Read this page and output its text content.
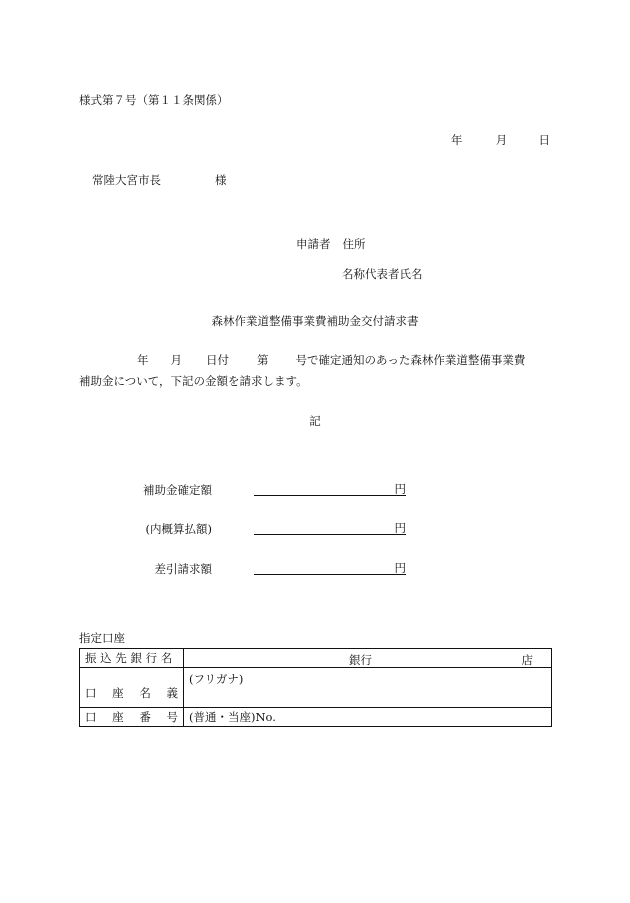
様式第７号（第１１条関係）
年	月	日
常陸大宮市長	様
申請者 住所
名称代表者氏名
森林作業道整備事業費補助金交付請求書
年 月 日付 第 号で確定通知のあった森林作業道整備事業費
補助金について，下記の金額を請求します。
記
補助金確定額	円
(内概算払額)	円
差引請求額	円
指定口座
振 込 先 銀 行 名	銀行 店

口 座 名 義	(フリガナ)

口 座 番 号	(普通・当座)No.
